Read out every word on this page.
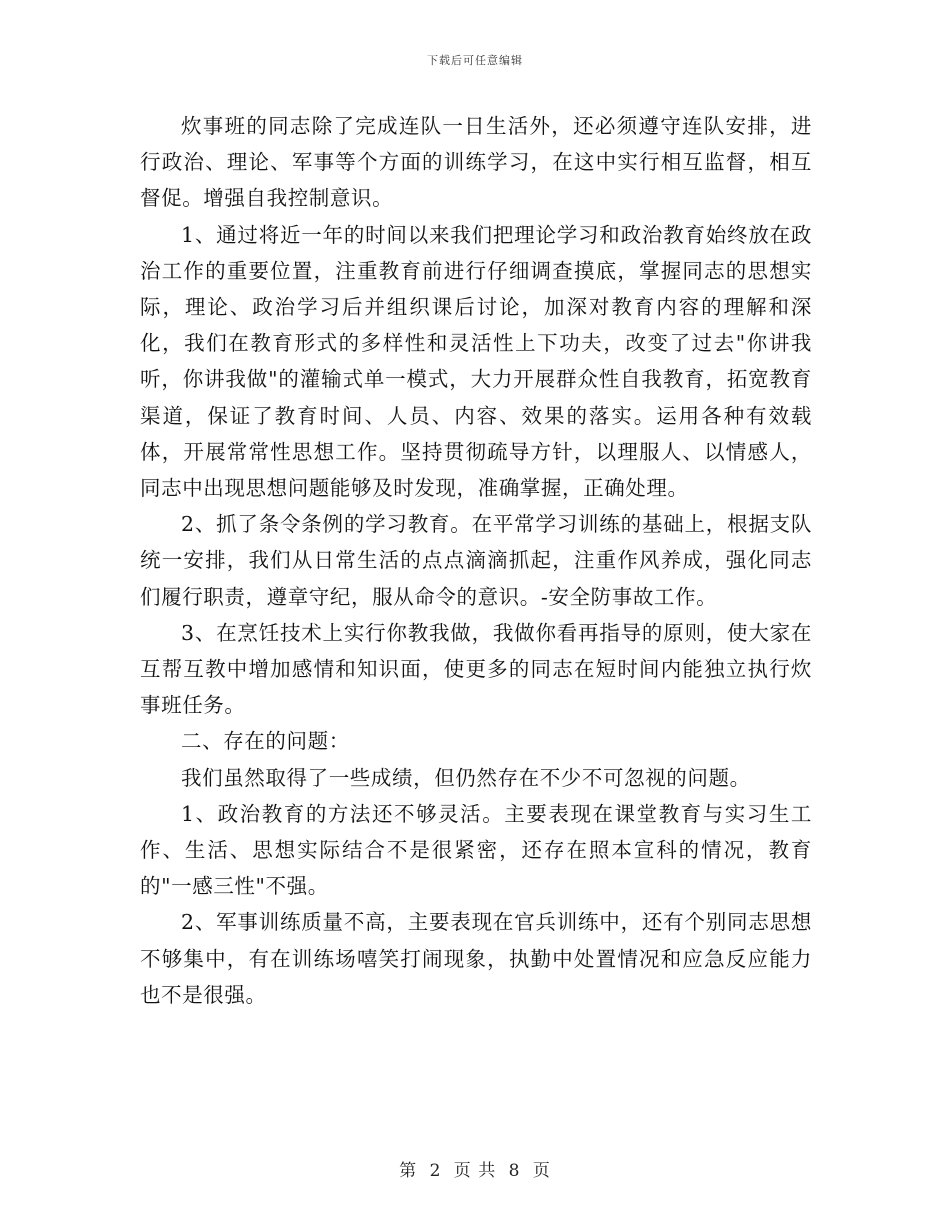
下载后可任意编辑

炊事班的同志除了完成连队一日生活外，还必须遵守连队安排，进行政治、理论、军事等个方面的训练学习，在这中实行相互监督，相互督促。增强自我控制意识。

1、通过将近一年的时间以来我们把理论学习和政治教育始终放在政治工作的重要位置，注重教育前进行仔细调查摸底，掌握同志的思想实际，理论、政治学习后并组织课后讨论，加深对教育内容的理解和深化，我们在教育形式的多样性和灵活性上下功夫，改变了过去"你讲我听，你讲我做"的灌输式单一模式，大力开展群众性自我教育，拓宽教育渠道，保证了教育时间、人员、内容、效果的落实。运用各种有效载体，开展常常性思想工作。坚持贯彻疏导方针，以理服人、以情感人，同志中出现思想问题能够及时发现，准确掌握，正确处理。

2、抓了条令条例的学习教育。在平常学习训练的基础上，根据支队统一安排，我们从日常生活的点点滴滴抓起，注重作风养成，强化同志们履行职责，遵章守纪，服从命令的意识。-安全防事故工作。

3、在烹饪技术上实行你教我做，我做你看再指导的原则，使大家在互帮互教中增加感情和知识面，使更多的同志在短时间内能独立执行炊事班任务。

二、存在的问题：

我们虽然取得了一些成绩，但仍然存在不少不可忽视的问题。

1、政治教育的方法还不够灵活。主要表现在课堂教育与实习生工作、生活、思想实际结合不是很紧密，还存在照本宣科的情况，教育的"一感三性"不强。

2、军事训练质量不高，主要表现在官兵训练中，还有个别同志思想不够集中，有在训练场嘻笑打闹现象，执勤中处置情况和应急反应能力也不是很强。

第 2 页 共 8 页
